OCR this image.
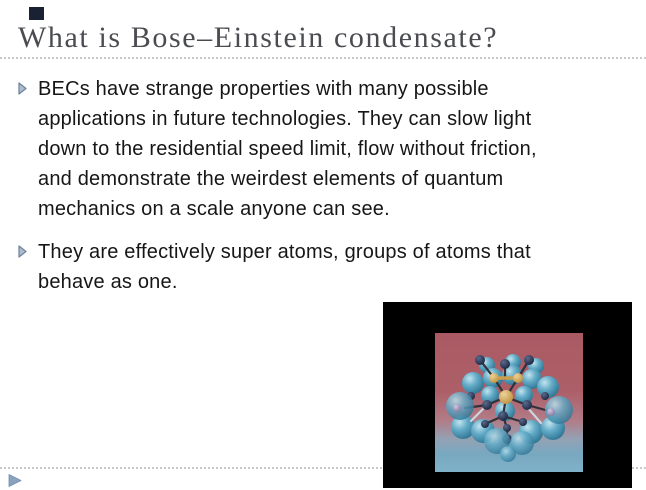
What is Bose–Einstein condensate?
BECs have strange properties with many possible
applications in future technologies. They can slow light
down to the residential speed limit, flow without friction,
and demonstrate the weirdest elements of quantum
mechanics on a scale anyone can see.
They are effectively super atoms, groups of atoms that
behave as one.
